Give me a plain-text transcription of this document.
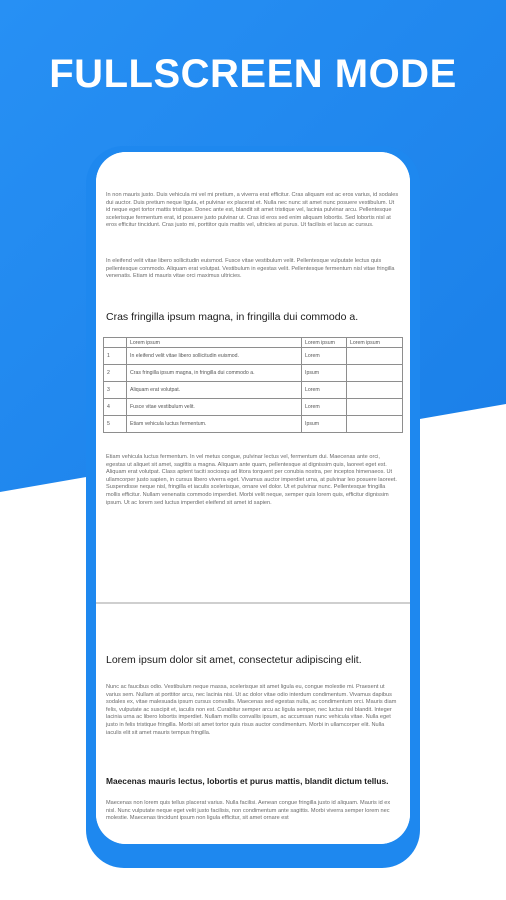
FULLSCREEN MODE

In non mauris justo. Duis vehicula mi vel mi pretium, a viverra erat efficitur. Cras aliquam est ac eros varius, id sodales dui auctor. Duis pretium neque ligula, et pulvinar ex placerat et. Nulla nec nunc sit amet nunc posuere vestibulum. Ut id neque eget tortor mattis tristique. Donec ante est, blandit sit amet tristique vel, lacinia pulvinar arcu. Pellentesque scelerisque fermentum erat, id posuere justo pulvinar ut. Cras id eros sed enim aliquam lobortis. Sed lobortis nisl at eros efficitur tincidunt. Cras justo mi, porttitor quis mattis vel, ultricies at purus. Ut facilisis et lacus ac cursus.

In eleifend velit vitae libero sollicitudin euismod. Fusce vitae vestibulum velit. Pellentesque vulputate lectus quis pellentesque commodo. Aliquam erat volutpat. Vestibulum in egestas velit. Pellentesque fermentum nisl vitae fringilla venenatis. Etiam id mauris vitae orci maximus ultricies.

Cras fringilla ipsum magna, in fringilla dui commodo a.
	Lorem ipsum	Lorem ipsum	Lorem ipsum
1	In eleifend velit vitae libero sollicitudin euismod.	Lorem	
2	Cras fringilla ipsum magna, in fringilla dui commodo a.	Ipsum	
3	Aliquam erat volutpat.	Lorem	
4	Fusce vitae vestibulum velit.	Lorem	
5	Etiam vehicula luctus fermentum.	Ipsum	

Etiam vehicula luctus fermentum. In vel metus congue, pulvinar lectus vel, fermentum dui. Maecenas ante orci, egestas ut aliquet sit amet, sagittis a magna. Aliquam ante quam, pellentesque at dignissim quis, laoreet eget est. Aliquam erat volutpat. Class aptent taciti sociosqu ad litora torquent per conubia nostra, per inceptos himenaeos. Ut ullamcorper justo sapien, in cursus libero viverra eget. Vivamus auctor imperdiet urna, at pulvinar leo posuere laoreet. Suspendisse neque nisl, fringilla et iaculis scelerisque, ornare vel dolor. Ut et pulvinar nunc. Pellentesque fringilla mollis efficitur. Nullam venenatis commodo imperdiet. Morbi velit neque, semper quis lorem quis, efficitur dignissim ipsum. Ut ac lorem sed luctus imperdiet eleifend sit amet id sapien.

Lorem ipsum dolor sit amet, consectetur adipiscing elit.

Nunc ac faucibus odio. Vestibulum neque massa, scelerisque sit amet ligula eu, congue molestie mi. Praesent ut varius sem. Nullam at porttitor arcu, nec lacinia nisi. Ut ac dolor vitae odio interdum condimentum. Vivamus dapibus sodales ex, vitae malesuada ipsum cursus convallis. Maecenas sed egestas nulla, ac condimentum orci. Mauris diam felis, vulputate ac suscipit et, iaculis non est. Curabitur semper arcu ac ligula semper, nec luctus nisl blandit. Integer lacinia urna ac libero lobortis imperdiet. Nullam mollis convallis ipsum, ac accumsan nunc vehicula vitae. Nulla eget justo in felis tristique fringilla. Morbi sit amet tortor quis risus auctor condimentum. Morbi in ullamcorper elit. Nulla iaculis elit sit amet mauris tempus fringilla.

Maecenas mauris lectus, lobortis et purus mattis, blandit dictum tellus.

Maecenas non lorem quis tellus placerat varius. Nulla facilisi. Aenean congue fringilla justo id aliquam. Mauris id ex nisl. Nunc vulputate neque eget velit justo facilisis, non condimentum ante sagittis. Morbi viverra semper lorem nec molestie. Maecenas tincidunt ipsum non ligula efficitur, sit amet ornare est
